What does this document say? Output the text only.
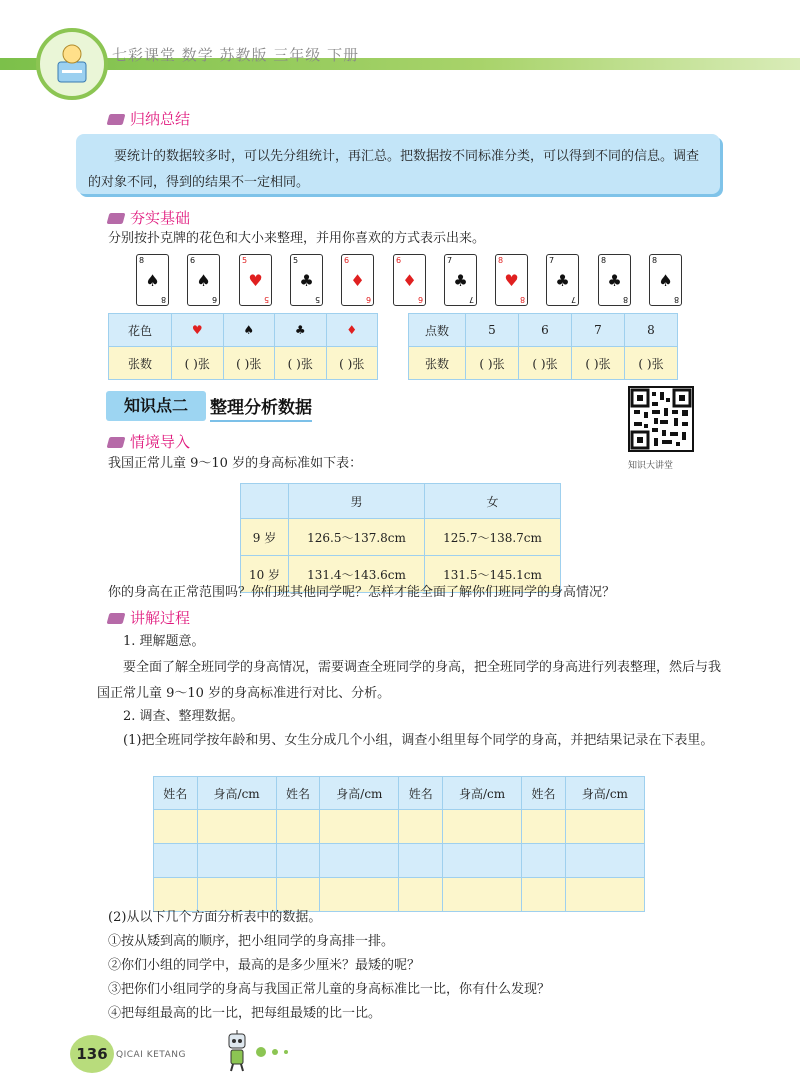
七彩课堂 数学 苏教版 三年级 下册
归纳总结
要统计的数据较多时，可以先分组统计，再汇总。把数据按不同标准分类，可以得到不同的信息。调查的对象不同，得到的结果不一定相同。
夯实基础
分别按扑克牌的花色和大小来整理，并用你喜欢的方式表示出来。
8
♠
8
6
♠
6
5
♥
5
5
♣
5
6
♦
6
6
♦
6
7
♣
7
8
♥
8
7
♣
7
8
♣
8
8
♠
8
花色	♥	♠	♣	♦
张数	( )张	( )张	( )张	( )张
点数	5	6	7	8
张数	( )张	( )张	( )张	( )张
知识点二	整理分析数据
知识大讲堂
情境导入
我国正常儿童 9～10 岁的身高标准如下表：
	男	女
9 岁	126.5～137.8cm	125.7～138.7cm
10 岁	131.4～143.6cm	131.5～145.1cm
你的身高在正常范围吗？你们班其他同学呢？怎样才能全面了解你们班同学的身高情况？
讲解过程
1. 理解题意。
要全面了解全班同学的身高情况，需要调查全班同学的身高，把全班同学的身高进行列表整理，然后与我国正常儿童 9～10 岁的身高标准进行对比、分析。
2. 调查、整理数据。
(1)把全班同学按年龄和男、女生分成几个小组，调查小组里每个同学的身高，并把结果记录在下表里。
姓名	身高/cm	姓名	身高/cm	姓名	身高/cm	姓名	身高/cm

(2)从以下几个方面分析表中的数据。
①按从矮到高的顺序，把小组同学的身高排一排。
②你们小组的同学中，最高的是多少厘米？最矮的呢？
③把你们小组同学的身高与我国正常儿童的身高标准比一比，你有什么发现？
④把每组最高的比一比，把每组最矮的比一比。
136 QICAI KETANG
